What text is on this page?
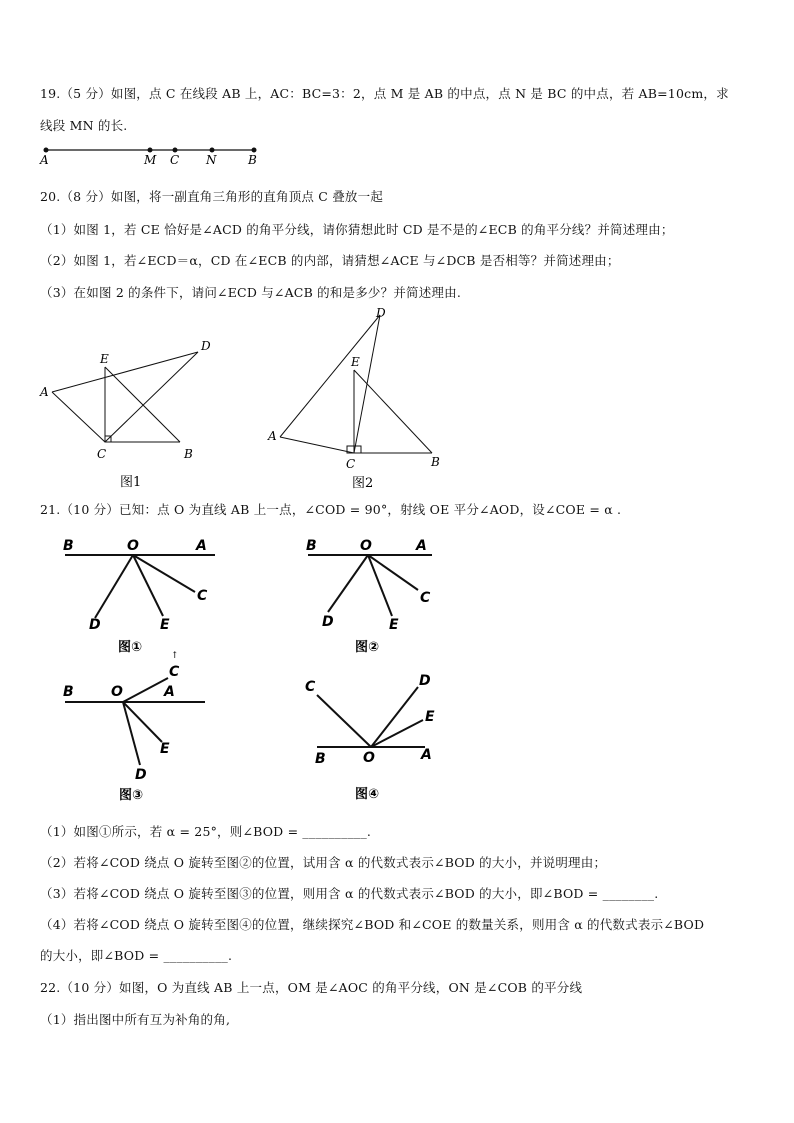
19.（5 分）如图，点 C 在线段 AB 上，AC：BC=3：2，点 M 是 AB 的中点，点 N 是 BC 的中点，若 AB=10cm，求
线段 MN 的长.
A	M C N	B
20.（8 分）如图，将一副直角三角形的直角顶点 C 叠放一起
（1）如图 1，若 CE 恰好是∠ACD 的角平分线，请你猜想此时 CD 是不是的∠ECB 的角平分线？并简述理由；
（2）如图 1，若∠ECD＝α，CD 在∠ECB 的内部，请猜想∠ACE 与∠DCB 是否相等？并简述理由；
（3）在如图 2 的条件下，请问∠ECD 与∠ACB 的和是多少？并简述理由.
A
E
D
C	B
图1
A
D
E
C	B
图2
21.（10 分）已知：点 O 为直线 AB 上一点，∠COD = 90°，射线 OE 平分∠AOD，设∠COE = α .
B	O	A
C
D	E
图①
↑
B	O	A
C
D	E
图②
B	O	A
C
E
D
图③
C	D
E
B	O	A
图④
（1）如图①所示，若 α = 25°，则∠BOD = __________.
（2）若将∠COD 绕点 O 旋转至图②的位置，试用含 α 的代数式表示∠BOD 的大小，并说明理由；
（3）若将∠COD 绕点 O 旋转至图③的位置，则用含 α 的代数式表示∠BOD 的大小，即∠BOD = ________.
（4）若将∠COD 绕点 O 旋转至图④的位置，继续探究∠BOD 和∠COE 的数量关系，则用含 α 的代数式表示∠BOD
的大小，即∠BOD = __________.
22.（10 分）如图，O 为直线 AB 上一点，OM 是∠AOC 的角平分线，ON 是∠COB 的平分线
（1）指出图中所有互为补角的角,
